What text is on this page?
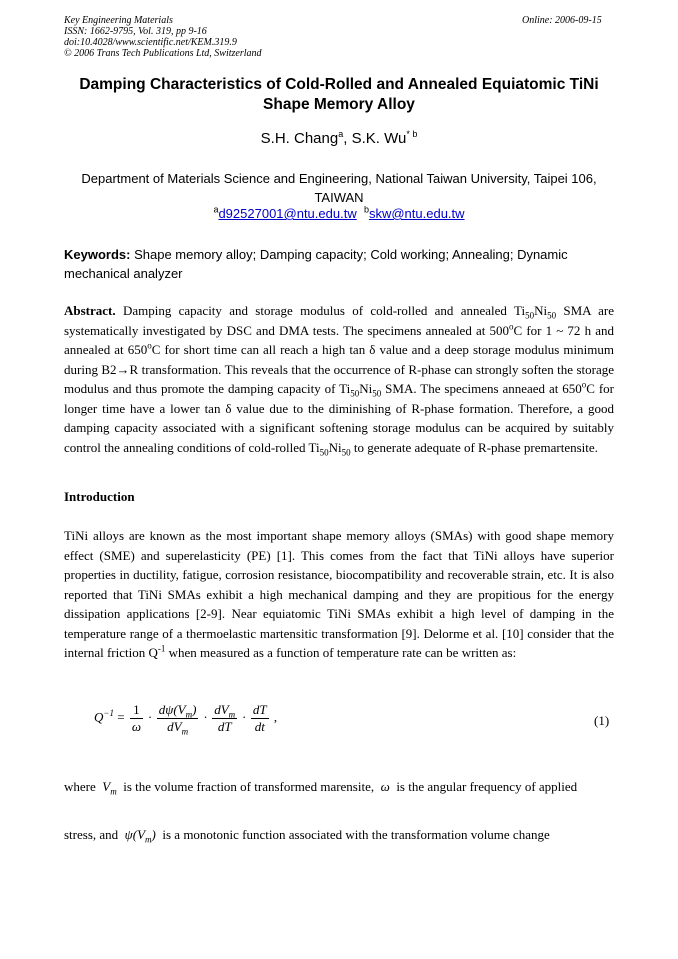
Key Engineering Materials
ISSN: 1662-9795, Vol. 319, pp 9-16
doi:10.4028/www.scientific.net/KEM.319.9
© 2006 Trans Tech Publications Ltd, Switzerland
Online: 2006-09-15
Damping Characteristics of Cold-Rolled and Annealed Equiatomic TiNi
Shape Memory Alloy
S.H. Chang$^a$, S.K. Wu$^{* b}$
Department of Materials Science and Engineering, National Taiwan University, Taipei 106,
TAIWAN
$^a$d92527001@ntu.edu.tw $^b$skw@ntu.edu.tw
Keywords: Shape memory alloy; Damping capacity; Cold working; Annealing; Dynamic mechanical analyzer
Abstract. Damping capacity and storage modulus of cold-rolled and annealed $Ti_{50}Ni_{50}$ SMA are systematically investigated by DSC and DMA tests. The specimens annealed at 500$^o$C for 1 ~ 72 h and annealed at 650$^o$C for short time can all reach a high tan δ value and a deep storage modulus minimum during B2→R transformation. This reveals that the occurrence of R-phase can strongly soften the storage modulus and thus promote the damping capacity of $Ti_{50}Ni_{50}$ SMA. The specimens anneaed at 650$^o$C for longer time have a lower tan δ value due to the diminishing of R-phase formation. Therefore, a good damping capacity associated with a significant softening storage modulus can be acquired by suitably control the annealing conditions of cold-rolled $Ti_{50}Ni_{50}$ to generate adequate of R-phase premartensite.
Introduction
TiNi alloys are known as the most important shape memory alloys (SMAs) with good shape memory effect (SME) and superelasticity (PE) [1]. This comes from the fact that TiNi alloys have superior properties in ductility, fatigue, corrosion resistance, biocompatibility and recoverable strain, etc. It is also reported that TiNi SMAs exhibit a high mechanical damping and they are propitious for the energy dissipation applications [2-9]. Near equiatomic TiNi SMAs exhibit a high level of damping in the temperature range of a thermoelastic martensitic transformation [9]. Delorme et al. [10] consider that the internal friction $Q^{-1}$ when measured as a function of temperature rate can be written as:
$Q^{-1} = \frac{1}{\omega} \cdot \frac{d\psi(V_m)}{dV_m} \cdot \frac{dV_m}{dT} \cdot \frac{dT}{dt}$ ,	(1)
where $V_m$ is the volume fraction of transformed marensite, ω is the angular frequency of applied
stress, and $\psi(V_m)$ is a monotonic function associated with the transformation volume change
